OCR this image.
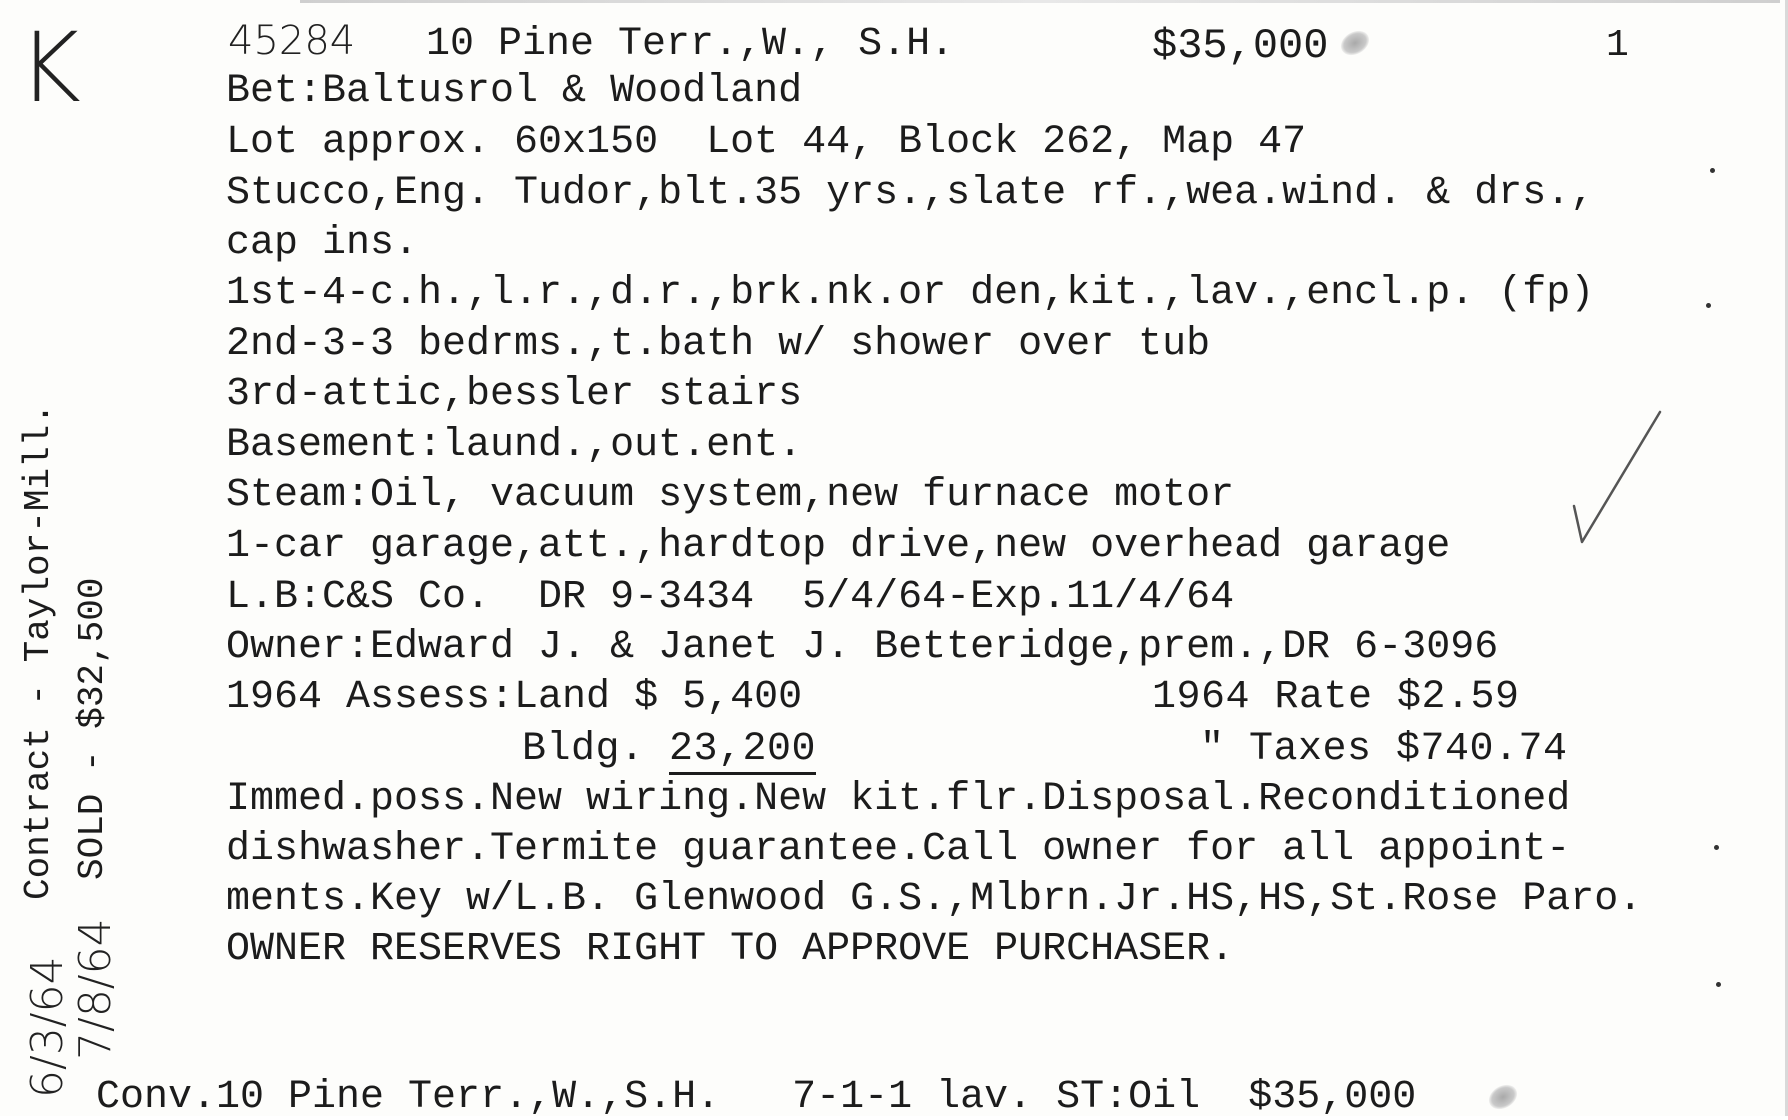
K	45284 10 Pine Terr.,W., S.H.	$35,000	1
Bet:Baltusrol & Woodland
Lot approx. 60x150  Lot 44, Block 262, Map 47
Stucco,Eng. Tudor,blt.35 yrs.,slate rf.,wea.wind. & drs.,
cap ins.
1st-4-c.h.,l.r.,d.r.,brk.nk.or den,kit.,lav.,encl.p. (fp)
2nd-3-3 bedrms.,t.bath w/ shower over tub
3rd-attic,bessler stairs
Basement:laund.,out.ent.
Steam:Oil, vacuum system,new furnace motor
1-car garage,att.,hardtop drive,new overhead garage
L.B:C&S Co.  DR 9-3434  5/4/64-Exp.11/4/64
Owner:Edward J. & Janet J. Betteridge,prem.,DR 6-3096
1964 Assess:Land $ 5,400	1964 Rate $2.59
Bldg. 23,200	" Taxes $740.74
Immed.poss.New wiring.New kit.flr.Disposal.Reconditioned
dishwasher.Termite guarantee.Call owner for all appoint-
ments.Key w/L.B. Glenwood G.S.,Mlbrn.Jr.HS,HS,St.Rose Paro.
OWNER RESERVES RIGHT TO APPROVE PURCHASER.
Contract - Taylor-Mill. SOLD - $32,500
6/3/64
7/8/64
Conv.10 Pine Terr.,W.,S.H.   7-1-1 lav. ST:Oil  $35,000
